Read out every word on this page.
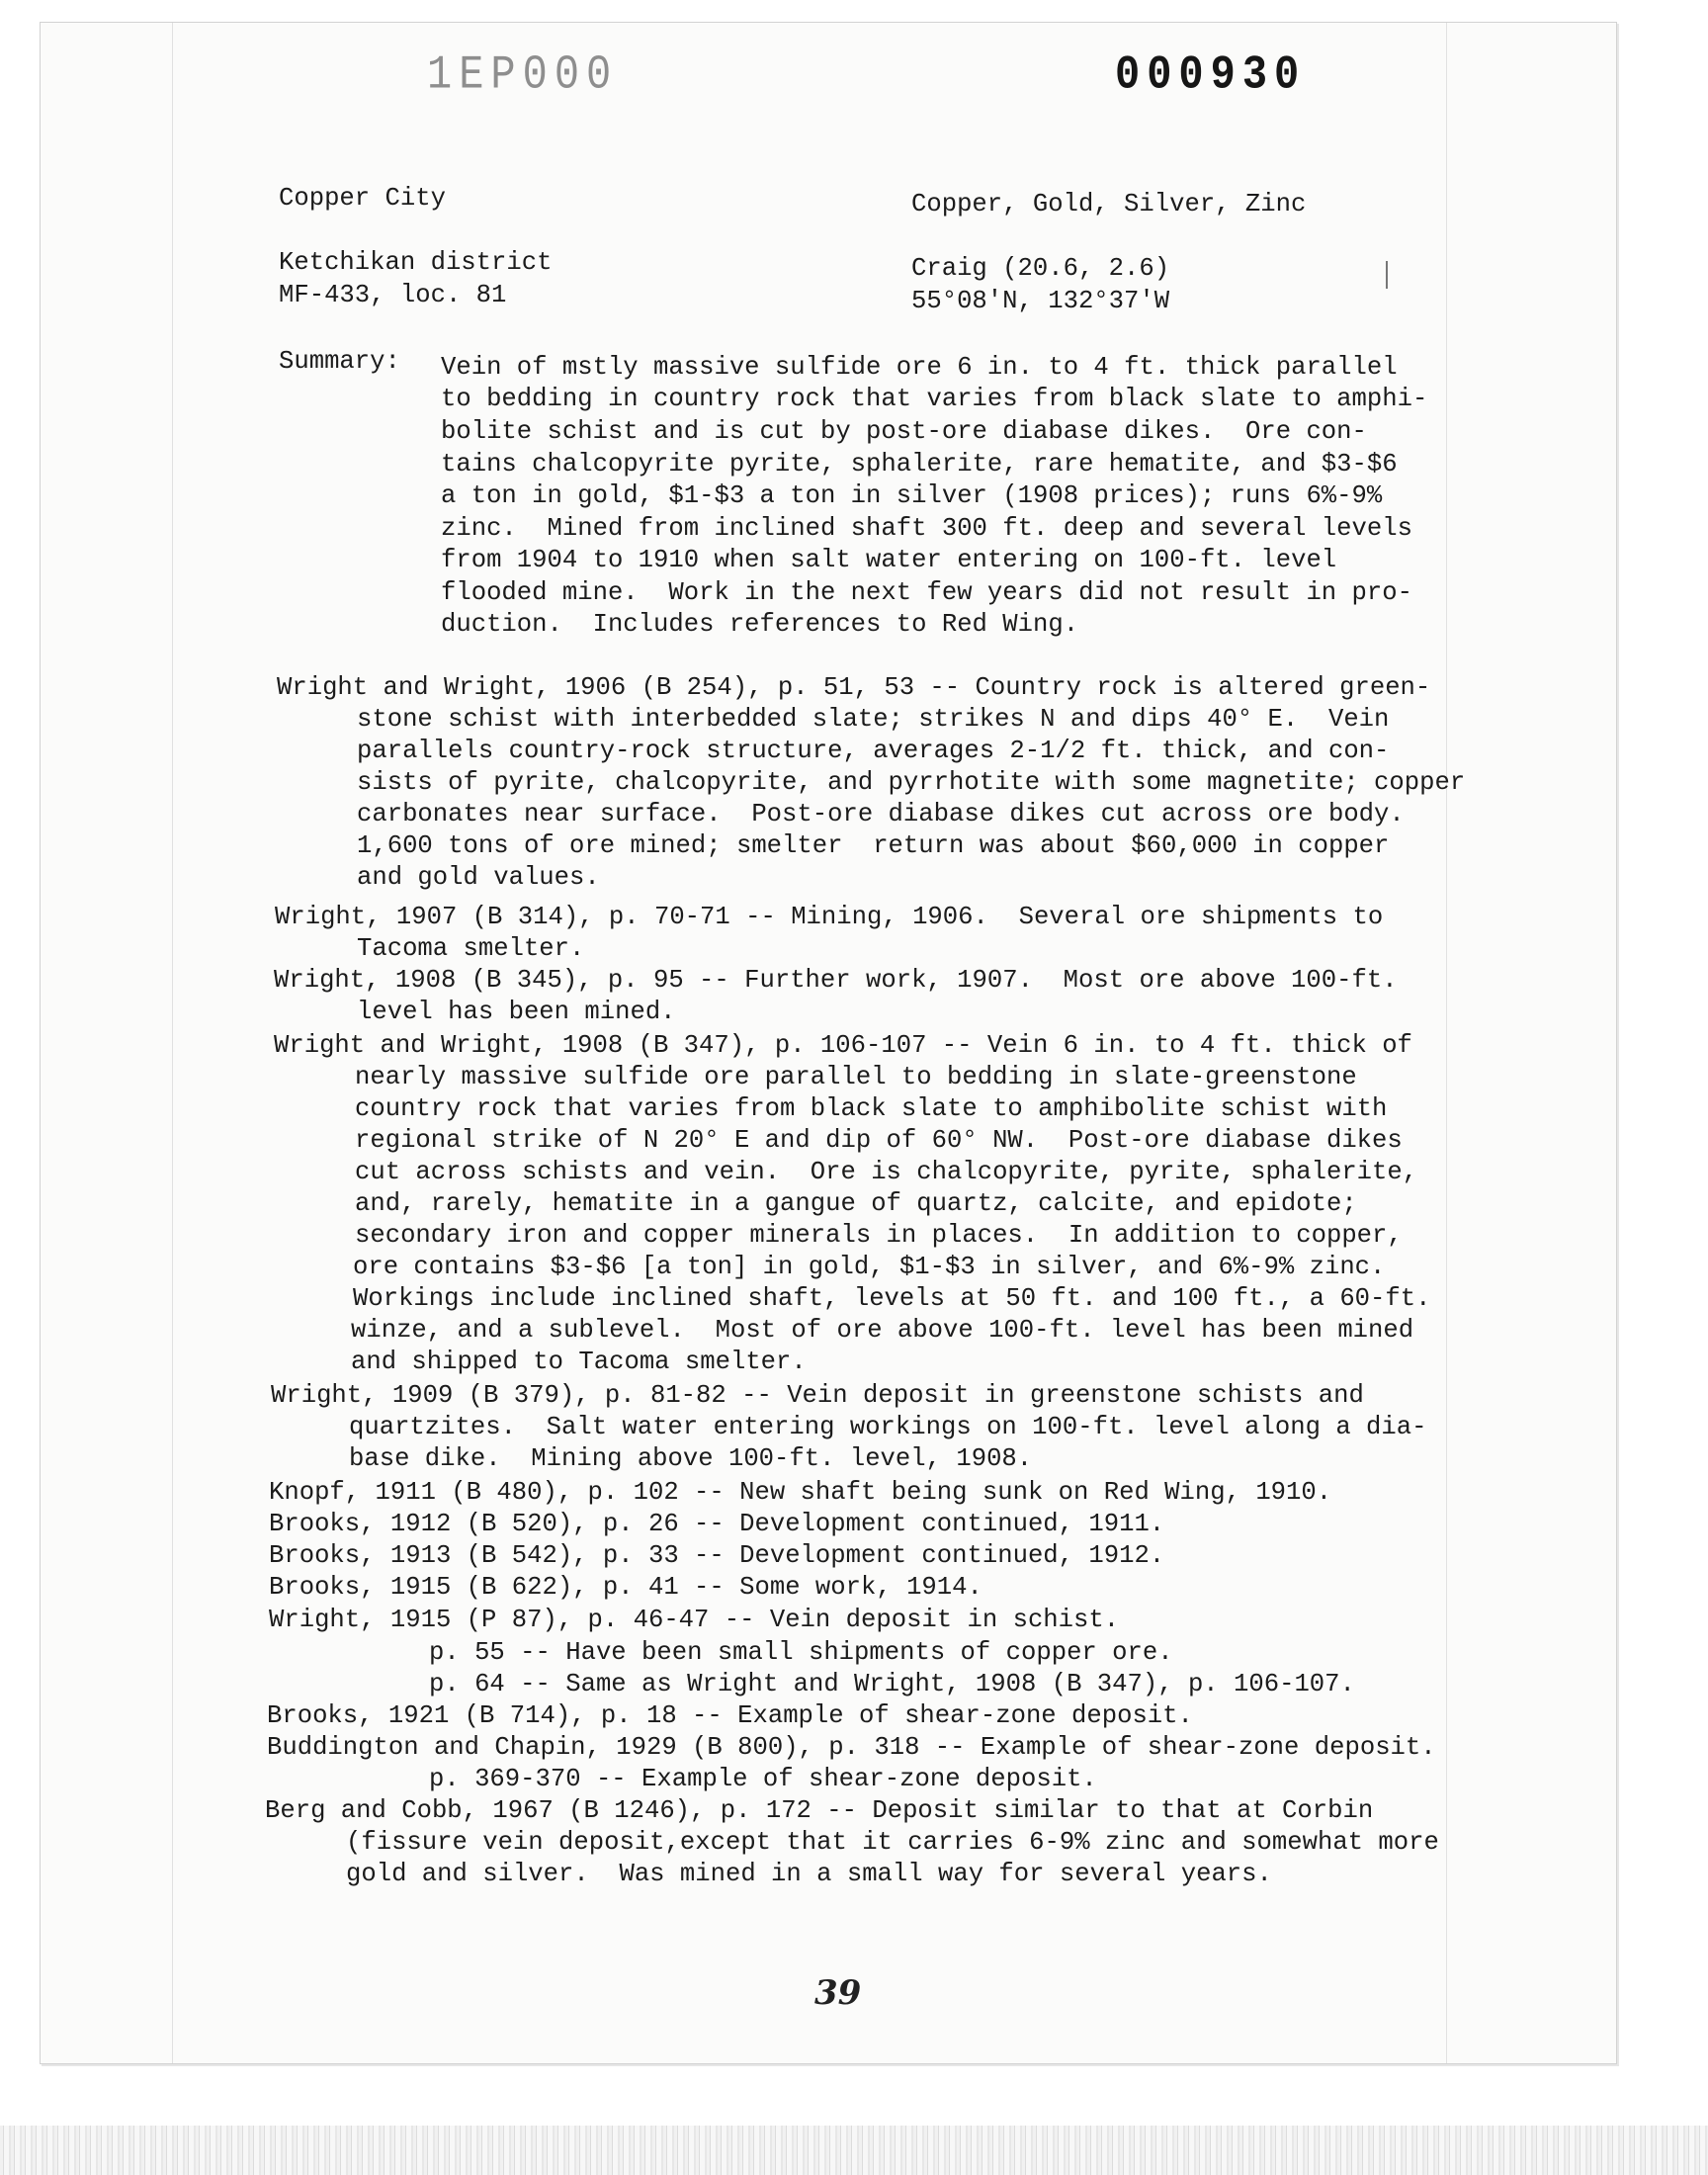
1EP000	000930
Copper City
Ketchikan district
MF-433, loc. 81
Copper, Gold, Silver, Zinc
Craig (20.6, 2.6)
55°08'N, 132°37'W
Summary: Vein of mstly massive sulfide ore 6 in. to 4 ft. thick parallel
to bedding in country rock that varies from black slate to amphi-
bolite schist and is cut by post-ore diabase dikes.  Ore con-
tains chalcopyrite pyrite, sphalerite, rare hematite, and $3-$6
a ton in gold, $1-$3 a ton in silver (1908 prices); runs 6%-9%
zinc.  Mined from inclined shaft 300 ft. deep and several levels
from 1904 to 1910 when salt water entering on 100-ft. level
flooded mine.  Work in the next few years did not result in pro-
duction.  Includes references to Red Wing.
Wright and Wright, 1906 (B 254), p. 51, 53 -- Country rock is altered green-
stone schist with interbedded slate; strikes N and dips 40° E.  Vein
parallels country-rock structure, averages 2-1/2 ft. thick, and con-
sists of pyrite, chalcopyrite, and pyrrhotite with some magnetite; copper
carbonates near surface.  Post-ore diabase dikes cut across ore body.
1,600 tons of ore mined; smelter  return was about $60,000 in copper
and gold values.
Wright, 1907 (B 314), p. 70-71 -- Mining, 1906.  Several ore shipments to
Tacoma smelter.
Wright, 1908 (B 345), p. 95 -- Further work, 1907.  Most ore above 100-ft.
level has been mined.
Wright and Wright, 1908 (B 347), p. 106-107 -- Vein 6 in. to 4 ft. thick of
nearly massive sulfide ore parallel to bedding in slate-greenstone
country rock that varies from black slate to amphibolite schist with
regional strike of N 20° E and dip of 60° NW.  Post-ore diabase dikes
cut across schists and vein.  Ore is chalcopyrite, pyrite, sphalerite,
and, rarely, hematite in a gangue of quartz, calcite, and epidote;
secondary iron and copper minerals in places.  In addition to copper,
ore contains $3-$6 [a ton] in gold, $1-$3 in silver, and 6%-9% zinc.
Workings include inclined shaft, levels at 50 ft. and 100 ft., a 60-ft.
winze, and a sublevel.  Most of ore above 100-ft. level has been mined
and shipped to Tacoma smelter.
Wright, 1909 (B 379), p. 81-82 -- Vein deposit in greenstone schists and
quartzites.  Salt water entering workings on 100-ft. level along a dia-
base dike.  Mining above 100-ft. level, 1908.
Knopf, 1911 (B 480), p. 102 -- New shaft being sunk on Red Wing, 1910.
Brooks, 1912 (B 520), p. 26 -- Development continued, 1911.
Brooks, 1913 (B 542), p. 33 -- Development continued, 1912.
Brooks, 1915 (B 622), p. 41 -- Some work, 1914.
Wright, 1915 (P 87), p. 46-47 -- Vein deposit in schist.
p. 55 -- Have been small shipments of copper ore.
p. 64 -- Same as Wright and Wright, 1908 (B 347), p. 106-107.
Brooks, 1921 (B 714), p. 18 -- Example of shear-zone deposit.
Buddington and Chapin, 1929 (B 800), p. 318 -- Example of shear-zone deposit.
p. 369-370 -- Example of shear-zone deposit.
Berg and Cobb, 1967 (B 1246), p. 172 -- Deposit similar to that at Corbin
(fissure vein deposit,except that it carries 6-9% zinc and somewhat more
gold and silver.  Was mined in a small way for several years.
39
